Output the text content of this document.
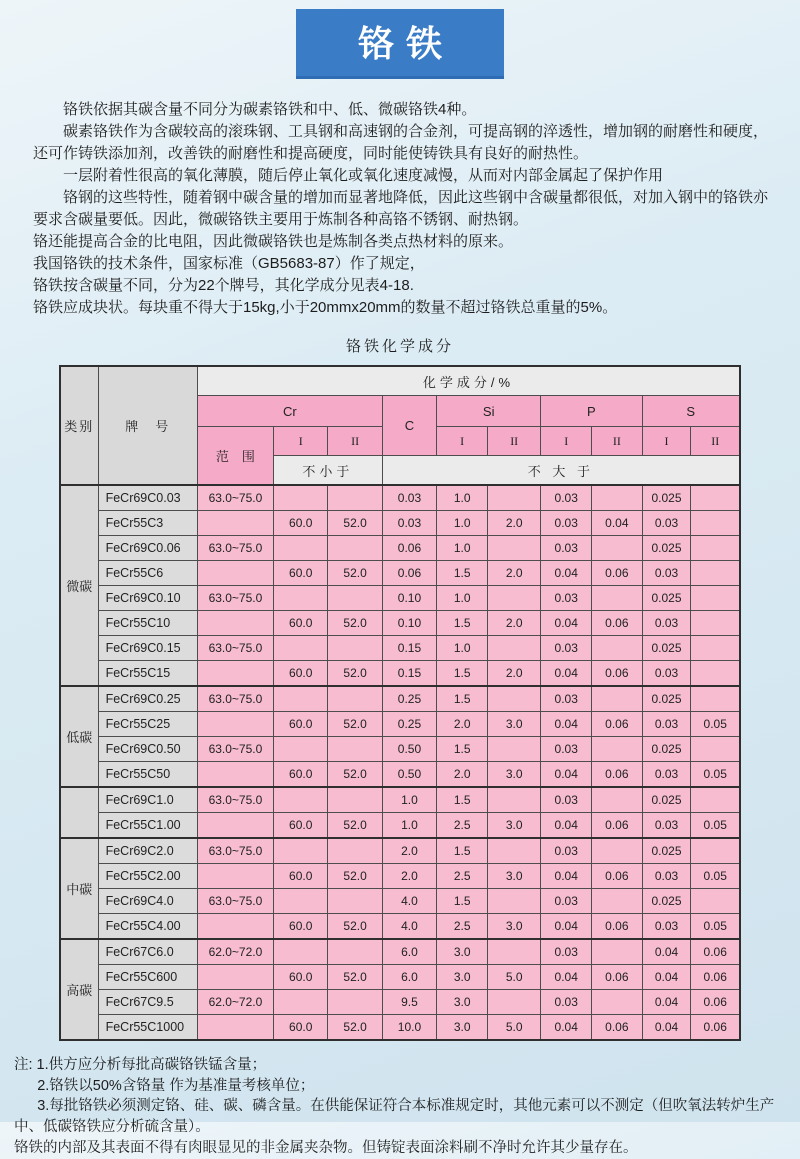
铬铁

铬铁依据其碳含量不同分为碳素铬铁和中、低、微碳铬铁4种。

碳素铬铁作为含碳较高的滚珠钢、工具钢和高速钢的合金剂，可提高钢的淬透性，增加钢的耐磨性和硬度，还可作铸铁添加剂，改善铁的耐磨性和提高硬度，同时能使铸铁具有良好的耐热性。

一层附着性很高的氧化薄膜，随后停止氧化或氧化速度减慢，从而对内部金属起了保护作用

铬钢的这些特性，随着钢中碳含量的增加而显著地降低，因此这些钢中含碳量都很低，对加入钢中的铬铁亦要求含碳量要低。因此，微碳铬铁主要用于炼制各种高铬不锈钢、耐热钢。

铬还能提高合金的比电阻，因此微碳铬铁也是炼制各类点热材料的原来。

我国铬铁的技术条件，国家标准（GB5683-87）作了规定，

铬铁按含碳量不同，分为22个牌号，其化学成分见表4-18.

铬铁应成块状。每块重不得大于15kg,小于20mmx20mm的数量不超过铬铁总重量的5%。

铬铁化学成分
类别	牌　号	化学成分/%									
		Cr			C	Si		P		S	
		范　围	I	II		I	II	I	II	I	II
			不小于		不 大 于						
微碳	FeCr69C0.03	63.0~75.0			0.03	1.0		0.03		0.025	
	FeCr55C3		60.0	52.0	0.03	1.0	2.0	0.03	0.04	0.03	
	FeCr69C0.06	63.0~75.0			0.06	1.0		0.03		0.025	
	FeCr55C6		60.0	52.0	0.06	1.5	2.0	0.04	0.06	0.03	
	FeCr69C0.10	63.0~75.0			0.10	1.0		0.03		0.025	
	FeCr55C10		60.0	52.0	0.10	1.5	2.0	0.04	0.06	0.03	
	FeCr69C0.15	63.0~75.0			0.15	1.0		0.03		0.025	
	FeCr55C15		60.0	52.0	0.15	1.5	2.0	0.04	0.06	0.03	
低碳	FeCr69C0.25	63.0~75.0			0.25	1.5		0.03		0.025	
	FeCr55C25		60.0	52.0	0.25	2.0	3.0	0.04	0.06	0.03	0.05
	FeCr69C0.50	63.0~75.0			0.50	1.5		0.03		0.025	
	FeCr55C50		60.0	52.0	0.50	2.0	3.0	0.04	0.06	0.03	0.05
	FeCr69C1.0	63.0~75.0			1.0	1.5		0.03		0.025	
	FeCr55C1.00		60.0	52.0	1.0	2.5	3.0	0.04	0.06	0.03	0.05
中碳	FeCr69C2.0	63.0~75.0			2.0	1.5		0.03		0.025	
	FeCr55C2.00		60.0	52.0	2.0	2.5	3.0	0.04	0.06	0.03	0.05
	FeCr69C4.0	63.0~75.0			4.0	1.5		0.03		0.025	
	FeCr55C4.00		60.0	52.0	4.0	2.5	3.0	0.04	0.06	0.03	0.05
高碳	FeCr67C6.0	62.0~72.0			6.0	3.0		0.03		0.04	0.06
	FeCr55C600		60.0	52.0	6.0	3.0	5.0	0.04	0.06	0.04	0.06
	FeCr67C9.5	62.0~72.0			9.5	3.0		0.03		0.04	0.06
	FeCr55C1000		60.0	52.0	10.0	3.0	5.0	0.04	0.06	0.04	0.06

注: 1.供方应分析每批高碳铬铁锰含量；

2.铬铁以50%含铬量 作为基准量考核单位；

3.每批铬铁必须测定铬、硅、碳、磷含量。在供能保证符合本标准规定时，其他元素可以不测定（但吹氧法转炉生产中、低碳铬铁应分析硫含量）。

铬铁的内部及其表面不得有肉眼显见的非金属夹杂物。但铸锭表面涂料刷不净时允许其少量存在。
